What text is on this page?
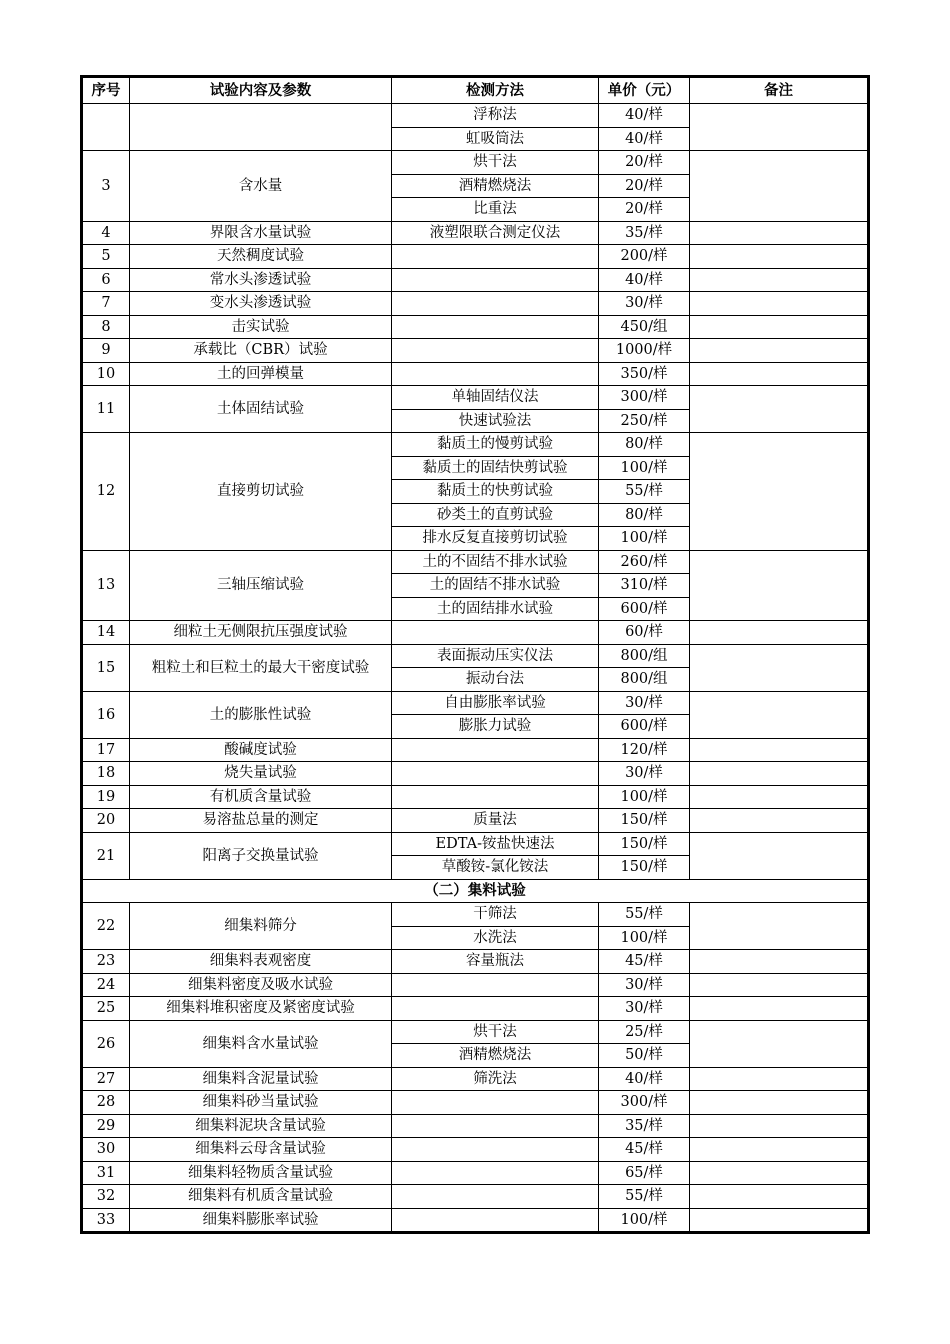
序号	试验内容及参数	检测方法	单价（元）	备注
		浮称法	40/样	
		虹吸筒法	40/样	
3	含水量	烘干法	20/样	
		酒精燃烧法	20/样	
		比重法	20/样	
4	界限含水量试验	液塑限联合测定仪法	35/样	
5	天然稠度试验		200/样	
6	常水头渗透试验		40/样	
7	变水头渗透试验		30/样	
8	击实试验		450/组	
9	承载比（CBR）试验		1000/样	
10	土的回弹模量		350/样	
11	土体固结试验	单轴固结仪法	300/样	
		快速试验法	250/样	
12	直接剪切试验	黏质土的慢剪试验	80/样	
		黏质土的固结快剪试验	100/样	
		黏质土的快剪试验	55/样	
		砂类土的直剪试验	80/样	
		排水反复直接剪切试验	100/样	
13	三轴压缩试验	土的不固结不排水试验	260/样	
		土的固结不排水试验	310/样	
		土的固结排水试验	600/样	
14	细粒土无侧限抗压强度试验		60/样	
15	粗粒土和巨粒土的最大干密度试验	表面振动压实仪法	800/组	
		振动台法	800/组	
16	土的膨胀性试验	自由膨胀率试验	30/样	
		膨胀力试验	600/样	
17	酸碱度试验		120/样	
18	烧失量试验		30/样	
19	有机质含量试验		100/样	
20	易溶盐总量的测定	质量法	150/样	
21	阳离子交换量试验	EDTA-铵盐快速法	150/样	
		草酸铵-氯化铵法	150/样	
（二）集料试验				
22	细集料筛分	干筛法	55/样	
		水洗法	100/样	
23	细集料表观密度	容量瓶法	45/样	
24	细集料密度及吸水试验		30/样	
25	细集料堆积密度及紧密度试验		30/样	
26	细集料含水量试验	烘干法	25/样	
		酒精燃烧法	50/样	
27	细集料含泥量试验	筛洗法	40/样	
28	细集料砂当量试验		300/样	
29	细集料泥块含量试验		35/样	
30	细集料云母含量试验		45/样	
31	细集料轻物质含量试验		65/样	
32	细集料有机质含量试验		55/样	
33	细集料膨胀率试验		100/样	
